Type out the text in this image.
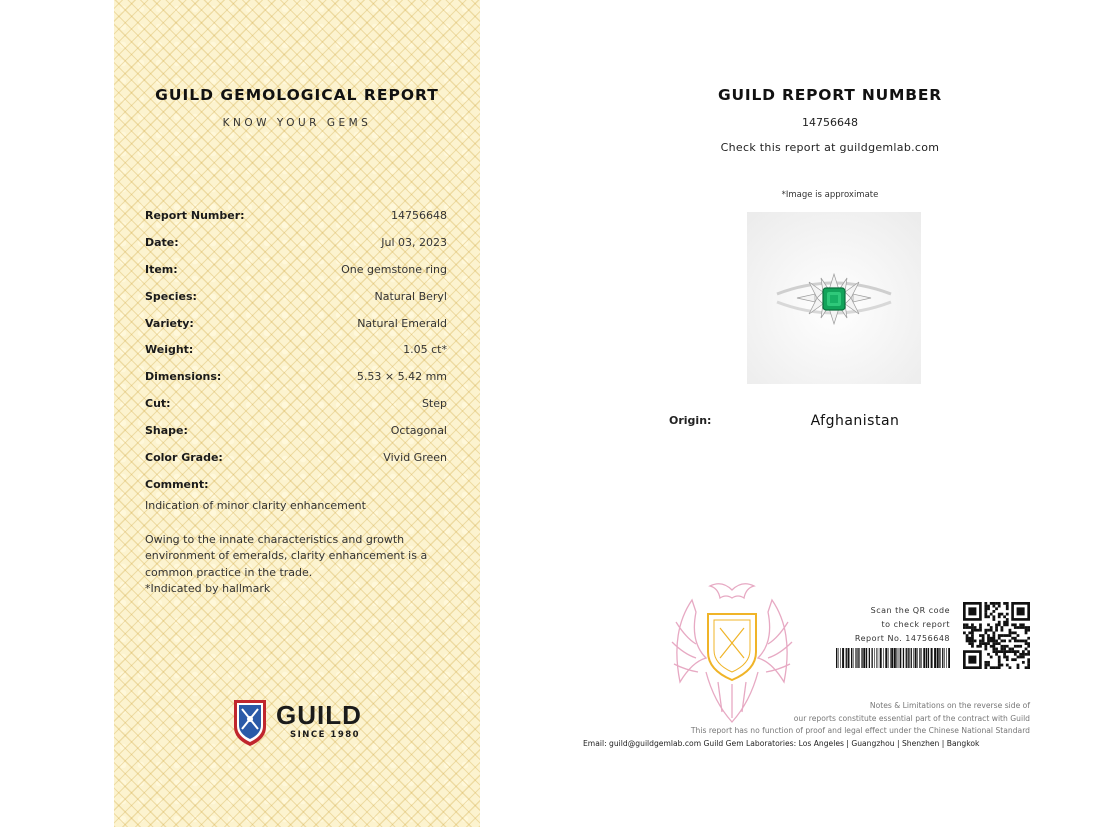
GUILD GEMOLOGICAL REPORT
KNOW YOUR GEMS
Report Number:	14756648
Date:	Jul 03, 2023
Item:	One gemstone ring
Species:	Natural Beryl
Variety:	Natural Emerald
Weight:	1.05 ct*
Dimensions:	5.53 × 5.42 mm
Cut:	Step
Shape:	Octagonal
Color Grade:	Vivid Green
Comment:
Indication of minor clarity enhancement
Owing to the innate characteristics and growth
environment of emeralds, clarity enhancement is a
common practice in the trade.
*Indicated by hallmark
GUILD
SINCE 1980
GUILD REPORT NUMBER
14756648
Check this report at guildgemlab.com
*Image is approximate
Origin:	Afghanistan
Scan the QR code
to check report
Report No. 14756648
Notes & Limitations on the reverse side of
our reports constitute essential part of the contract with Guild
This report has no function of proof and legal effect under the Chinese National Standard
Email: guild@guildgemlab.com Guild Gem Laboratories: Los Angeles | Guangzhou | Shenzhen | Bangkok
